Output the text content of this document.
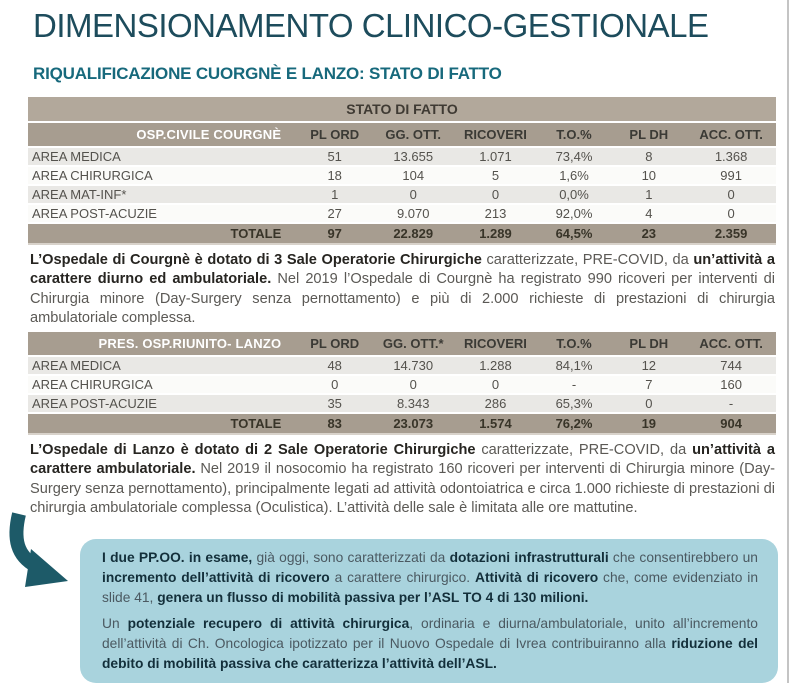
DIMENSIONAMENTO CLINICO-GESTIONALE
RIQUALIFICAZIONE CUORGNÈ E LANZO: STATO DI FATTO
STATO DI FATTO
OSP.CIVILE COURGNÈ	PL ORD	GG. OTT.	RICOVERI	T.O.%	PL DH	ACC. OTT.
AREA MEDICA	51	13.655	1.071	73,4%	8	1.368
AREA CHIRURGICA	18	104	5	1,6%	10	991
AREA MAT-INF*	1	0	0	0,0%	1	0
AREA POST-ACUZIE	27	9.070	213	92,0%	4	0
TOTALE	97	22.829	1.289	64,5%	23	2.359

L’Ospedale di Courgnè è dotato di 3 Sale Operatorie Chirurgiche caratterizzate, PRE-COVID, da un’attività a carattere diurno ed ambulatoriale. Nel 2019 l’Ospedale di Courgnè ha registrato 990 ricoveri per interventi di Chirurgia minore (Day-Surgery senza pernottamento) e più di 2.000 richieste di prestazioni di chirurgia ambulatoriale complessa.

PRES. OSP.RIUNITO- LANZO	PL ORD	GG. OTT.*	RICOVERI	T.O.%	PL DH	ACC. OTT.
AREA MEDICA	48	14.730	1.288	84,1%	12	744
AREA CHIRURGICA	0	0	0	-	7	160
AREA POST-ACUZIE	35	8.343	286	65,3%	0	-
TOTALE	83	23.073	1.574	76,2%	19	904

L’Ospedale di Lanzo è dotato di 2 Sale Operatorie Chirurgiche caratterizzate, PRE-COVID, da un’attività a carattere ambulatoriale. Nel 2019 il nosocomio ha registrato 160 ricoveri per interventi di Chirurgia minore (Day-Surgery senza pernottamento), principalmente legati ad attività odontoiatrica e circa 1.000 richieste di prestazioni di chirurgia ambulatoriale complessa (Oculistica). L’attività delle sale è limitata alle ore mattutine.

I due PP.OO. in esame, già oggi, sono caratterizzati da dotazioni infrastrutturali che consentirebbero un incremento dell’attività di ricovero a carattere chirurgico. Attività di ricovero che, come evidenziato in slide 41, genera un flusso di mobilità passiva per l’ASL TO 4 di 130 milioni.

Un potenziale recupero di attività chirurgica, ordinaria e diurna/ambulatoriale, unito all’incremento dell’attività di Ch. Oncologica ipotizzato per il Nuovo Ospedale di Ivrea contribuiranno alla riduzione del debito di mobilità passiva che caratterizza l’attività dell’ASL.
